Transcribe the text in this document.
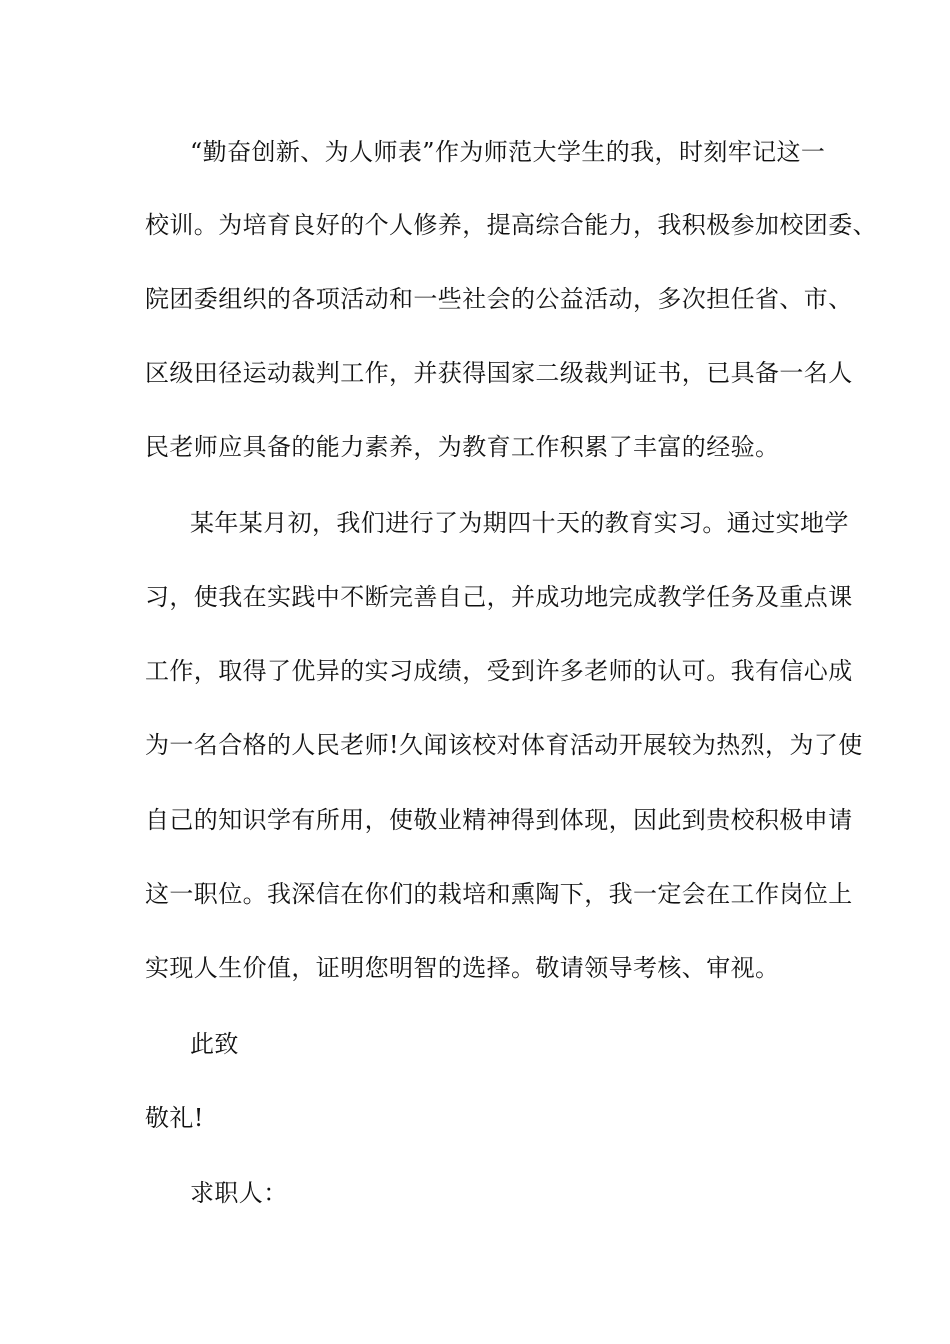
“勤奋创新、为人师表”作为师范大学生的我，时刻牢记这一
校训。为培育良好的个人修养，提高综合能力，我积极参加校团委、
院团委组织的各项活动和一些社会的公益活动，多次担任省、市、
区级田径运动裁判工作，并获得国家二级裁判证书，已具备一名人
民老师应具备的能力素养，为教育工作积累了丰富的经验。
某年某月初，我们进行了为期四十天的教育实习。通过实地学
习，使我在实践中不断完善自己，并成功地完成教学任务及重点课
工作，取得了优异的实习成绩，受到许多老师的认可。我有信心成
为一名合格的人民老师!久闻该校对体育活动开展较为热烈，为了使
自己的知识学有所用，使敬业精神得到体现，因此到贵校积极申请
这一职位。我深信在你们的栽培和熏陶下，我一定会在工作岗位上
实现人生价值，证明您明智的选择。敬请领导考核、审视。
此致
敬礼!
求职人：
